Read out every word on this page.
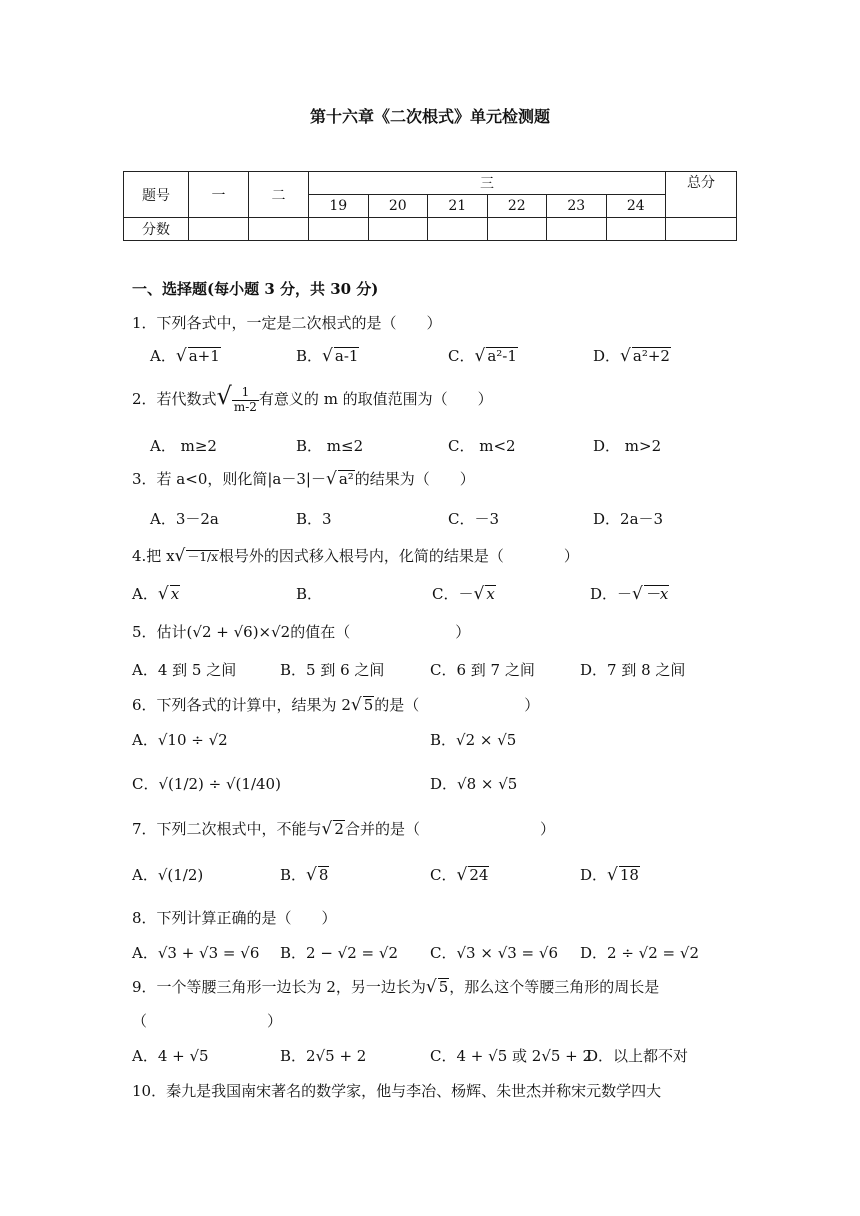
第十六章《二次根式》单元检测题
题号	一	二	三						总分
			19	20	21	22	23	24	
分数									
一、选择题(每小题 3 分，共 30 分)
1．下列各式中，一定是二次根式的是（　　）
A．√ a+1	B．√ a-1	C．√ a²-1	D．√ a²+2
2．若代数式√ $\frac{1}{m-2}$ 有意义的 m 的取值范围为（　　）
A． m≥2	B． m≤2	C． m<2	D． m>2
3．若 a<0，则化简|a－3|－√ a²的结果为（　　）
A．3－2a	B．3	C．－3	D．2a－3
4.把 x√ －1/x根号外的因式移入根号内，化简的结果是（　　　　）
A．√ x	B．	C．－√ x	D．－√ －x
5．估计(√2 + √6)×√2的值在（　　　　　　　）
A．4 到 5 之间	B．5 到 6 之间	C．6 到 7 之间	D．7 到 8 之间
6．下列各式的计算中，结果为 2√ 5的是（　　　　　　　）
A．√10 ÷ √2	B．√2 × √5
C．√(1/2) ÷ √(1/40)	D．√8 × √5
7．下列二次根式中，不能与√ 2合并的是（　　　　　　　　）
A．√(1/2)	B．√ 8	C．√ 24	D．√ 18
8．下列计算正确的是（　　）
A．√3 + √3 = √6 B．2 − √2 = √2 C．√3 × √3 = √6 D．2 ÷ √2 = √2
9．一个等腰三角形一边长为 2，另一边长为√ 5，那么这个等腰三角形的周长是
（　　　　　　　　）
A．4 + √5	B．2√5 + 2	C．4 + √5 或 2√5 + 2
D．以上都不对
10．秦九是我国南宋著名的数学家，他与李冶、杨辉、朱世杰并称宋元数学四大
